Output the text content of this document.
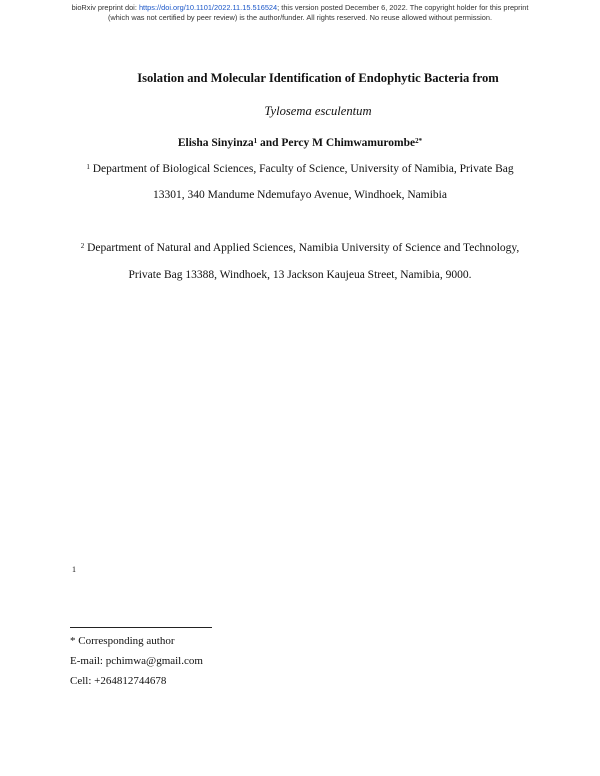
bioRxiv preprint doi: https://doi.org/10.1101/2022.11.15.516524; this version posted December 6, 2022. The copyright holder for this preprint
(which was not certified by peer review) is the author/funder. All rights reserved. No reuse allowed without permission.
Isolation and Molecular Identification of Endophytic Bacteria from
Tylosema esculentum
Elisha Sinyinza$^1$ and Percy M Chimwamurombe$^{2*}$
$^1$ Department of Biological Sciences, Faculty of Science, University of Namibia, Private Bag
13301, 340 Mandume Ndemufayo Avenue, Windhoek, Namibia
$^2$ Department of Natural and Applied Sciences, Namibia University of Science and Technology,
Private Bag 13388, Windhoek, 13 Jackson Kaujeua Street, Namibia, 9000.
1
* Corresponding author
E-mail: pchimwa@gmail.com
Cell: +264812744678
